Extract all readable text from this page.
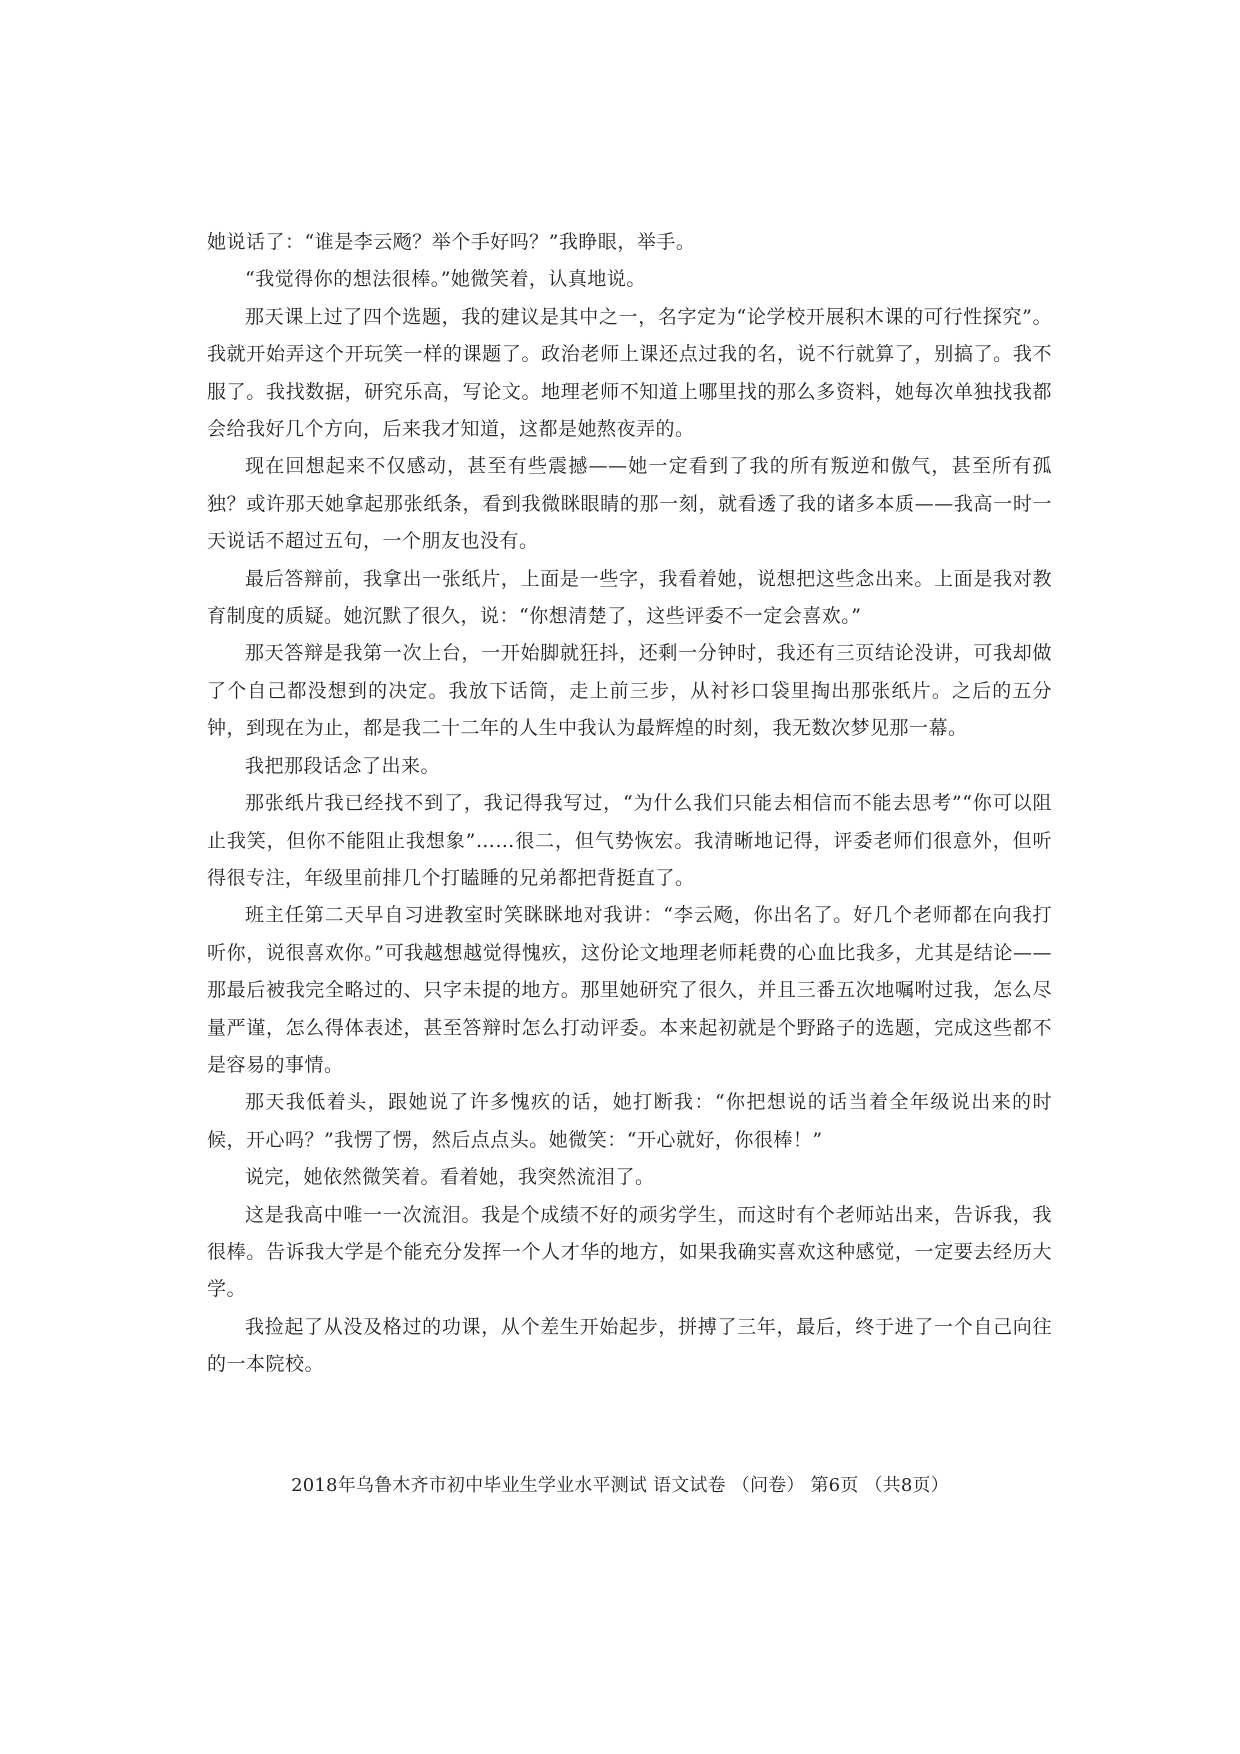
她说话了：“谁是李云飏？举个手好吗？”我睁眼，举手。

“我觉得你的想法很棒。”她微笑着，认真地说。

那天课上过了四个选题，我的建议是其中之一，名字定为“论学校开展积木课的可行性探究”。我就开始弄这个开玩笑一样的课题了。政治老师上课还点过我的名，说不行就算了，别搞了。我不服了。我找数据，研究乐高，写论文。地理老师不知道上哪里找的那么多资料，她每次单独找我都会给我好几个方向，后来我才知道，这都是她熬夜弄的。

现在回想起来不仅感动，甚至有些震撼——她一定看到了我的所有叛逆和傲气，甚至所有孤独？或许那天她拿起那张纸条，看到我微眯眼睛的那一刻，就看透了我的诸多本质——我高一时一天说话不超过五句，一个朋友也没有。

最后答辩前，我拿出一张纸片，上面是一些字，我看着她，说想把这些念出来。上面是我对教育制度的质疑。她沉默了很久，说：“你想清楚了，这些评委不一定会喜欢。”

那天答辩是我第一次上台，一开始脚就狂抖，还剩一分钟时，我还有三页结论没讲，可我却做了个自己都没想到的决定。我放下话筒，走上前三步，从衬衫口袋里掏出那张纸片。之后的五分钟，到现在为止，都是我二十二年的人生中我认为最辉煌的时刻，我无数次梦见那一幕。

我把那段话念了出来。

那张纸片我已经找不到了，我记得我写过，“为什么我们只能去相信而不能去思考”“你可以阻止我笑，但你不能阻止我想象”……很二，但气势恢宏。我清晰地记得，评委老师们很意外，但听得很专注，年级里前排几个打瞌睡的兄弟都把背挺直了。

班主任第二天早自习进教室时笑眯眯地对我讲：“李云飏，你出名了。好几个老师都在向我打听你，说很喜欢你。”可我越想越觉得愧疚，这份论文地理老师耗费的心血比我多，尤其是结论——那最后被我完全略过的、只字未提的地方。那里她研究了很久，并且三番五次地嘱咐过我，怎么尽量严谨，怎么得体表述，甚至答辩时怎么打动评委。本来起初就是个野路子的选题，完成这些都不是容易的事情。

那天我低着头，跟她说了许多愧疚的话，她打断我：“你把想说的话当着全年级说出来的时候，开心吗？”我愣了愣，然后点点头。她微笑：“开心就好，你很棒！”

说完，她依然微笑着。看着她，我突然流泪了。

这是我高中唯一一次流泪。我是个成绩不好的顽劣学生，而这时有个老师站出来，告诉我，我很棒。告诉我大学是个能充分发挥一个人才华的地方，如果我确实喜欢这种感觉，一定要去经历大学。

我捡起了从没及格过的功课，从个差生开始起步，拼搏了三年，最后，终于进了一个自己向往的一本院校。

2018年乌鲁木齐市初中毕业生学业水平测试 语文试卷 （问卷） 第6页 （共8页）
